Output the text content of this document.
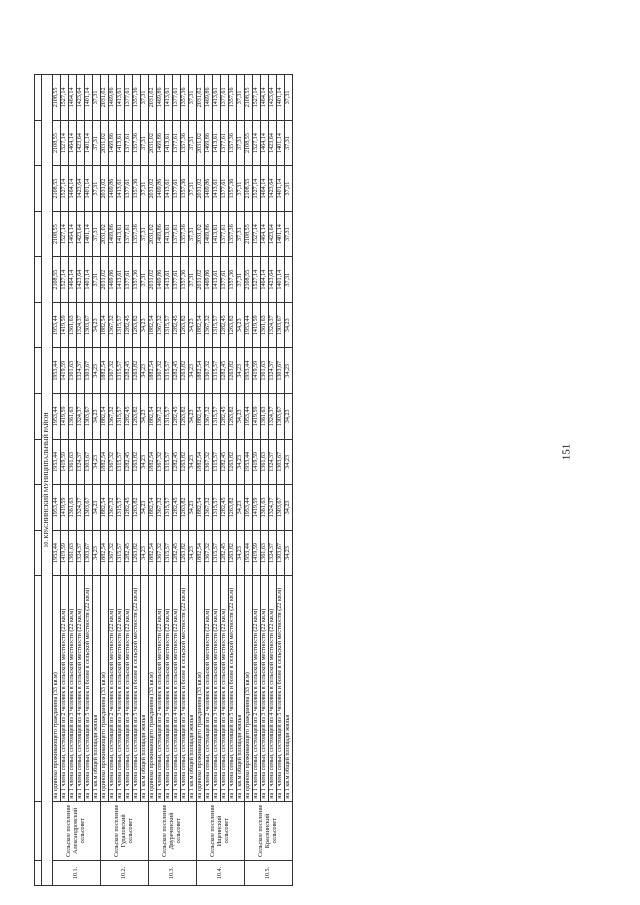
10. КРАСНИНСКИЙ МУНИЦИПАЛЬНЫЙ РАЙОН													
10.1.	Сельское поселение Александровский сельсовет	на одиноко проживающего гражданина (33 кв.м)	1953,44	1953,44	1953,44	1953,44	1953,44	1953,44	2108,55	2108,55	2108,55	2108,55	2108,55
		на 1 члена семьи, состоящей из 2 человек в сельской местности (22 кв.м)	1419,59	1419,59	1419,59	1419,59	1419,59	1419,59	1527,14	1527,14	1527,14	1527,14	1527,14
		на 1 члена семьи, состоящей из 3 человек в сельской местности (22 кв.м)	1361,63	1361,63	1361,63	1361,63	1361,63	1361,63	1464,14	1464,14	1464,14	1464,14	1464,14
		на 1 члена семьи, состоящей из 4 человек в сельской местности (22 кв.м)	1324,37	1324,37	1324,37	1324,37	1324,37	1324,37	1423,64	1423,64	1423,64	1423,64	1423,64
		на 1 члена семьи, состоящей из 5 человек и более в сельской местности (22 кв.м)	1303,67	1303,67	1303,67	1303,67	1303,67	1303,67	1401,14	1401,14	1401,14	1401,14	1401,14
		на 1 кв.м общей площади жилья	34,23	34,23	34,23	34,23	34,23	34,23	37,31	37,31	37,31	37,31	37,31
10.2.	Сельское поселение Гудаловский сельсовет	на одиноко проживающего гражданина (33 кв.м)	1882,54	1882,54	1882,54	1882,54	1882,54	1882,54	2031,02	2031,02	2031,02	2031,02	2031,02
		на 1 члена семьи, состоящей из 2 человек в сельской местности (22 кв.м)	1367,32	1367,32	1367,32	1367,32	1367,32	1367,32	1469,86	1469,86	1469,86	1469,86	1469,86
		на 1 члена семьи, состоящей из 3 человек в сельской местности (22 кв.м)	1315,57	1315,57	1315,57	1315,57	1315,57	1315,57	1413,61	1413,61	1413,61	1413,61	1413,61
		на 1 члена семьи, состоящей из 4 человек в сельской местности (22 кв.м)	1282,45	1282,45	1282,45	1282,45	1282,45	1282,45	1377,61	1377,61	1377,61	1377,61	1377,61
		на 1 члена семьи, состоящей из 5 человек и более в сельской местности (22 кв.м)	1263,82	1263,82	1263,82	1263,82	1263,82	1263,82	1357,36	1357,36	1357,36	1357,36	1357,36
		на 1 кв.м общей площади жилья	34,23	34,23	34,23	34,23	34,23	34,23	37,31	37,31	37,31	37,31	37,31
10.3.	Сельское поселение Двуреченский сельсовет	на одиноко проживающего гражданина (33 кв.м)	1882,54	1882,54	1882,54	1882,54	1882,54	1882,54	2031,02	2031,02	2031,02	2031,02	2031,02
		на 1 члена семьи, состоящей из 2 человек в сельской местности (22 кв.м)	1367,32	1367,32	1367,32	1367,32	1367,32	1367,32	1469,86	1469,86	1469,86	1469,86	1469,86
		на 1 члена семьи, состоящей из 3 человек в сельской местности (22 кв.м)	1315,57	1315,57	1315,57	1315,57	1315,57	1315,57	1413,61	1413,61	1413,61	1413,61	1413,61
		на 1 члена семьи, состоящей из 4 человек в сельской местности (22 кв.м)	1282,45	1282,45	1282,45	1282,45	1282,45	1282,45	1377,61	1377,61	1377,61	1377,61	1377,61
		на 1 члена семьи, состоящей из 5 человек и более в сельской местности (22 кв.м)	1263,82	1263,82	1263,82	1263,82	1263,82	1263,82	1357,36	1357,36	1357,36	1357,36	1357,36
		на 1 кв.м общей площади жилья	34,23	34,23	34,23	34,23	34,23	34,23	37,31	37,31	37,31	37,31	37,31
10.4.	Сельское поселение Ищеинский сельсовет	на одиноко проживающего гражданина (33 кв.м)	1882,54	1882,54	1882,54	1882,54	1882,54	1882,54	2031,02	2031,02	2031,02	2031,02	2031,02
		на 1 члена семьи, состоящей из 2 человек в сельской местности (22 кв.м)	1367,32	1367,32	1367,32	1367,32	1367,32	1367,32	1469,86	1469,86	1469,86	1469,86	1469,86
		на 1 члена семьи, состоящей из 3 человек в сельской местности (22 кв.м)	1315,57	1315,57	1315,57	1315,57	1315,57	1315,57	1413,61	1413,61	1413,61	1413,61	1413,61
		на 1 члена семьи, состоящей из 4 человек в сельской местности (22 кв.м)	1282,45	1282,45	1282,45	1282,45	1282,45	1282,45	1377,61	1377,61	1377,61	1377,61	1377,61
		на 1 члена семьи, состоящей из 5 человек и более в сельской местности (22 кв.м)	1263,82	1263,82	1263,82	1263,82	1263,82	1263,82	1357,36	1357,36	1357,36	1357,36	1357,36
		на 1 кв.м общей площади жилья	34,23	34,23	34,23	34,23	34,23	34,23	37,31	37,31	37,31	37,31	37,31
10.5.	Сельское поселение Краснинский сельсовет	на одиноко проживающего гражданина (33 кв.м)	1953,44	1953,44	1953,44	1953,44	1953,44	1953,44	2108,55	2108,55	2108,55	2108,55	2108,55
		на 1 члена семьи, состоящей из 2 человек в сельской местности (22 кв.м)	1419,59	1419,59	1419,59	1419,59	1419,59	1419,59	1527,14	1527,14	1527,14	1527,14	1527,14
		на 1 члена семьи, состоящей из 3 человек в сельской местности (22 кв.м)	1361,63	1361,63	1361,63	1361,63	1361,63	1361,63	1464,14	1464,14	1464,14	1464,14	1464,14
		на 1 члена семьи, состоящей из 4 человек в сельской местности (22 кв.м)	1324,37	1324,37	1324,37	1324,37	1324,37	1324,37	1423,64	1423,64	1423,64	1423,64	1423,64
		на 1 члена семьи, состоящей из 5 человек и более в сельской местности (22 кв.м)	1303,67	1303,67	1303,67	1303,67	1303,67	1303,67	1401,14	1401,14	1401,14	1401,14	1401,14
		на 1 кв.м общей площади жилья	34,23	34,23	34,23	34,23	34,23	34,23	37,31	37,31	37,31	37,31	37,31
151
